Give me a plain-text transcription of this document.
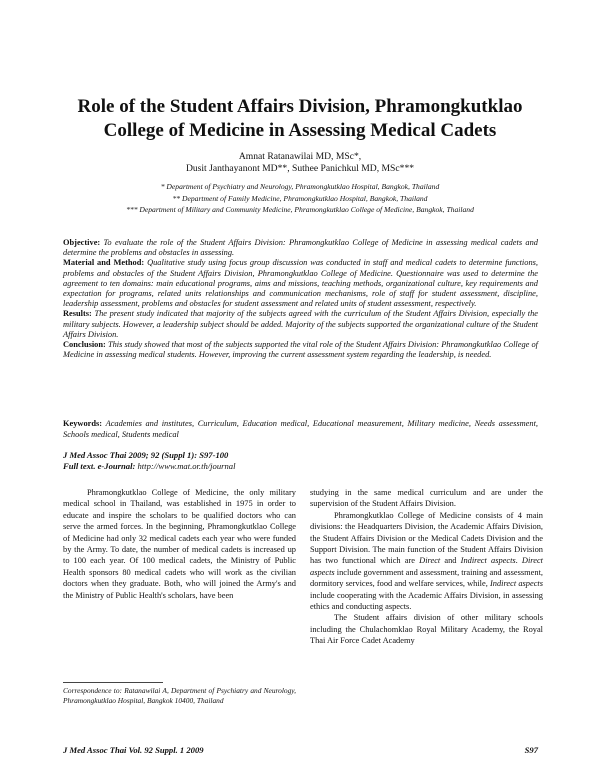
Role of the Student Affairs Division, Phramongkutklao
College of Medicine in Assessing Medical Cadets
Amnat Ratanawilai MD, MSc*,
Dusit Janthayanont MD**, Suthee Panichkul MD, MSc***
* Department of Psychiatry and Neurology, Phramongkutklao Hospital, Bangkok, Thailand
** Department of Family Medicine, Phramongkutklao Hospital, Bangkok, Thailand
*** Department of Military and Community Medicine, Phramongkutklao College of Medicine, Bangkok, Thailand

Objective: To evaluate the role of the Student Affairs Division: Phramongkutklao College of Medicine in assessing medical cadets and determine the problems and obstacles in assessing.

Material and Method: Qualitative study using focus group discussion was conducted in staff and medical cadets to determine functions, problems and obstacles of the Student Affairs Division, Phramongkutklao College of Medicine. Questionnaire was used to determine the agreement to ten domains: main educational programs, aims and missions, teaching methods, organizational culture, key requirements and expectation for programs, related units relationships and communication mechanisms, role of staff for student assessment, discipline, leadership assessment, problems and obstacles for student assessment and related units of student assessment, respectively.

Results: The present study indicated that majority of the subjects agreed with the curriculum of the Student Affairs Division, especially the military subjects. However, a leadership subject should be added. Majority of the subjects supported the organizational culture of the Student Affairs Division.

Conclusion: This study showed that most of the subjects supported the vital role of the Student Affairs Division: Phramongkutklao College of Medicine in assessing medical students. However, improving the current assessment system regarding the leadership, is needed.

Keywords: Academies and institutes, Curriculum, Education medical, Educational measurement, Military medicine, Needs assessment, Schools medical, Students medical
J Med Assoc Thai 2009; 92 (Suppl 1): S97-100
Full text. e-Journal: http://www.mat.or.th/journal

Phramongkutklao College of Medicine, the only military medical school in Thailand, was established in 1975 in order to educate and inspire the scholars to be qualified doctors who can serve the armed forces. In the beginning, Phramongkutklao College of Medicine had only 32 medical cadets each year who were funded by the Army. To date, the number of medical cadets is increased up to 100 each year. Of 100 medical cadets, the Ministry of Public Health sponsors 80 medical cadets who will work as the civilian doctors when they graduate. Both, who will joined the Army's and the Ministry of Public Health's scholars, have been

studying in the same medical curriculum and are under the supervision of the Student Affairs Division.

Phramongkutklao College of Medicine consists of 4 main divisions: the Headquarters Division, the Academic Affairs Division, the Student Affairs Division or the Medical Cadets Division and the Support Division. The main function of the Student Affairs Division has two functional which are Direct and Indirect aspects. Direct aspects include government and assessment, training and assessment, dormitory services, food and welfare services, while, Indirect aspects include cooperating with the Academic Affairs Division, in assessing ethics and conducting aspects.

The Student affairs division of other military schools including the Chulachomklao Royal Military Academy, the Royal Thai Air Force Cadet Academy

Correspondence to: Ratanawilai A, Department of Psychiatry and Neurology, Phramongkutklao Hospital, Bangkok 10400, Thailand
J Med Assoc Thai Vol. 92 Suppl. 1 2009	S97
